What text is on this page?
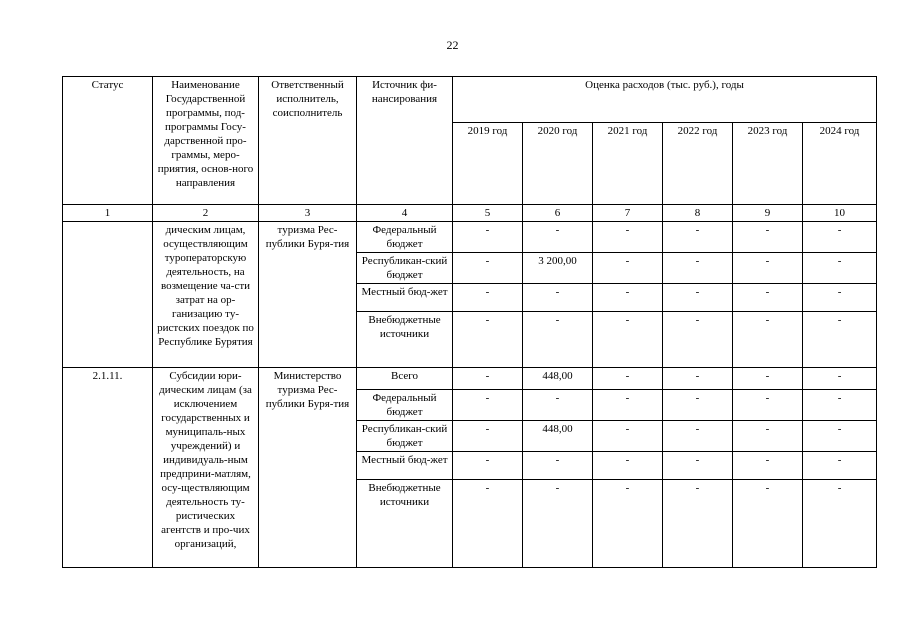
22
Статус	Наименование Государственной программы, под-программы Госу-дарственной про-граммы, меро-приятия, основ-ного направления	Ответственный исполнитель, соисполнитель	Источник фи-нансирования	Оценка расходов (тыс. руб.), годы					
				2019 год	2020 год	2021 год	2022 год	2023 год	2024 год
1	2	3	4	5	6	7	8	9	10
	дическим лицам, осуществляющим туроператорскую деятельность, на возмещение ча-сти затрат на ор-ганизацию ту-ристских поездок по Республике Бурятия	туризма Рес-публики Буря-тия	Федеральный бюджет	-	-	-	-	-	-
			Республикан-ский бюджет	-	3 200,00	-	-	-	-
			Местный бюд-жет	-	-	-	-	-	-
			Внебюджетные источники	-	-	-	-	-	-
2.1.11.	Субсидии юри-дическим лицам (за исключением государственных и муниципаль-ных учреждений) и индивидуаль-ным предприни-матлям, осу-ществляющим деятельность ту-ристических агентств и про-чих организаций,	Министерство туризма Рес-публики Буря-тия	Всего	-	448,00	-	-	-	-
			Федеральный бюджет	-	-	-	-	-	-
			Республикан-ский бюджет	-	448,00	-	-	-	-
			Местный бюд-жет	-	-	-	-	-	-
			Внебюджетные источники	-	-	-	-	-	-
